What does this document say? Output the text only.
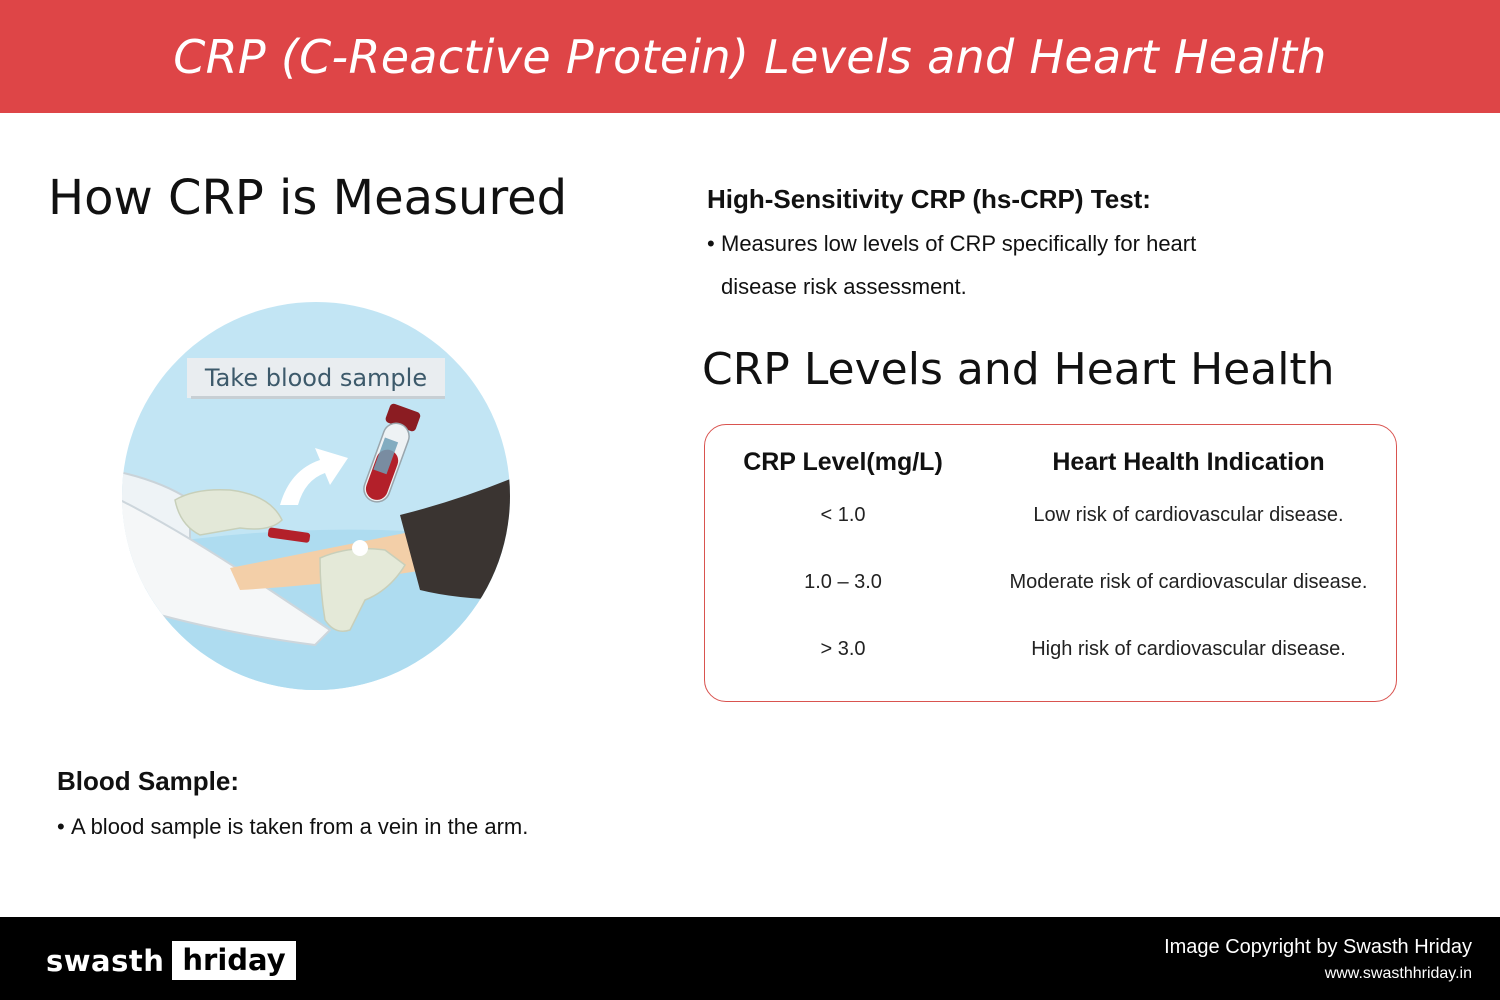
CRP (C-Reactive Protein) Levels and Heart Health
How CRP is Measured
Take blood sample
Blood Sample:
• A blood sample is taken from a vein in the arm.
High-Sensitivity CRP (hs-CRP) Test:
• Measures low levels of CRP specifically for heart
disease risk assessment.
CRP Levels and Heart Health
CRP Level(mg/L)	Heart Health Indication
< 1.0	Low risk of cardiovascular disease.
1.0 – 3.0	Moderate risk of cardiovascular disease.
> 3.0	High risk of cardiovascular disease.
swasth hriday	Image Copyright by Swasth Hriday
www.swasthhriday.in
